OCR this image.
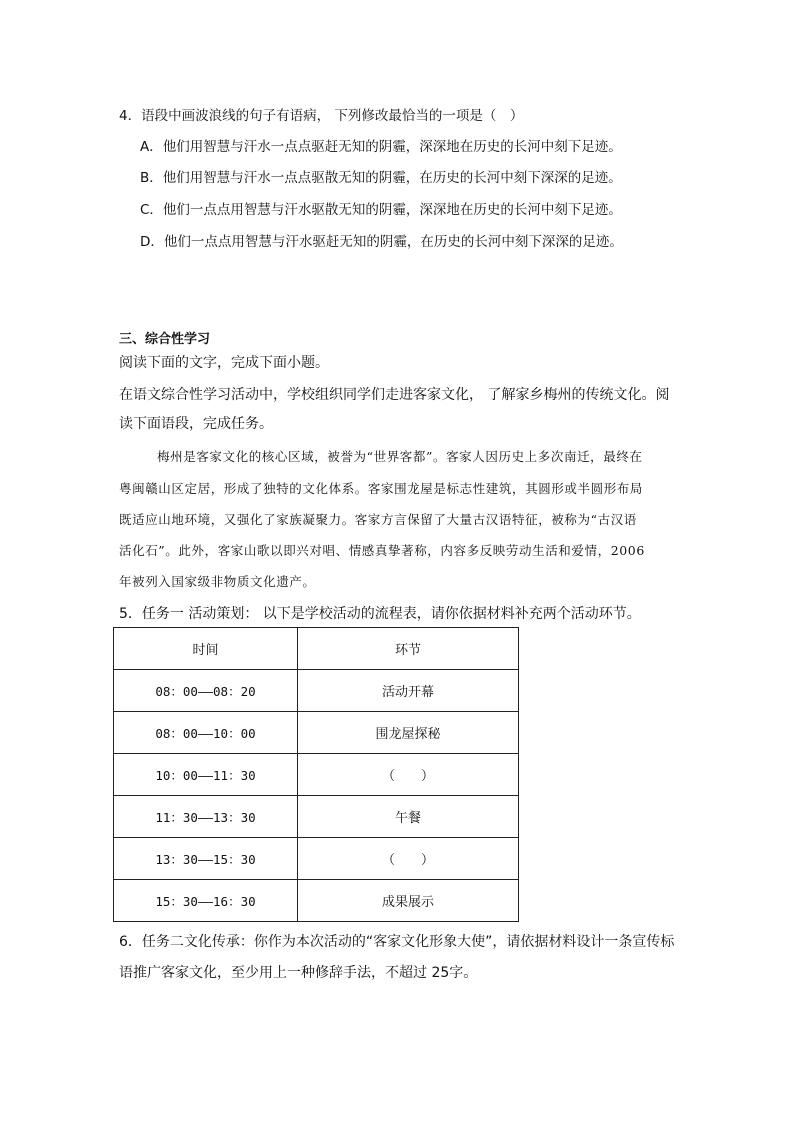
4．语段中画波浪线的句子有语病， 下列修改最恰当的一项是（　）
A．他们用智慧与汗水一点点驱赶无知的阴霾，深深地在历史的长河中刻下足迹。
B．他们用智慧与汗水一点点驱散无知的阴霾，在历史的长河中刻下深深的足迹。
C．他们一点点用智慧与汗水驱散无知的阴霾，深深地在历史的长河中刻下足迹。
D．他们一点点用智慧与汗水驱赶无知的阴霾，在历史的长河中刻下深深的足迹。
三、综合性学习
阅读下面的文字，完成下面小题。
在语文综合性学习活动中，学校组织同学们走进客家文化， 了解家乡梅州的传统文化。阅
读下面语段，完成任务。
梅州是客家文化的核心区域，被誉为“世界客都”。客家人因历史上多次南迁，最终在
粤闽赣山区定居，形成了独特的文化体系。客家围龙屋是标志性建筑，其圆形或半圆形布局
既适应山地环境，又强化了家族凝聚力。客家方言保留了大量古汉语特征，被称为“古汉语
活化石”。此外，客家山歌以即兴对唱、情感真挚著称，内容多反映劳动生活和爱情，2006
年被列入国家级非物质文化遗产。
5．任务一 活动策划： 以下是学校活动的流程表，请你依据材料补充两个活动环节。
时间	环节
08：00——08：20	活动开幕
08：00——10：00	围龙屋探秘
10：00——11：30	（　　）
11：30——13：30	午餐
13：30——15：30	（　　）
15：30——16：30	成果展示
6．任务二文化传承：你作为本次活动的“客家文化形象大使”，请依据材料设计一条宣传标
语推广客家文化，至少用上一种修辞手法，不超过 25字。
